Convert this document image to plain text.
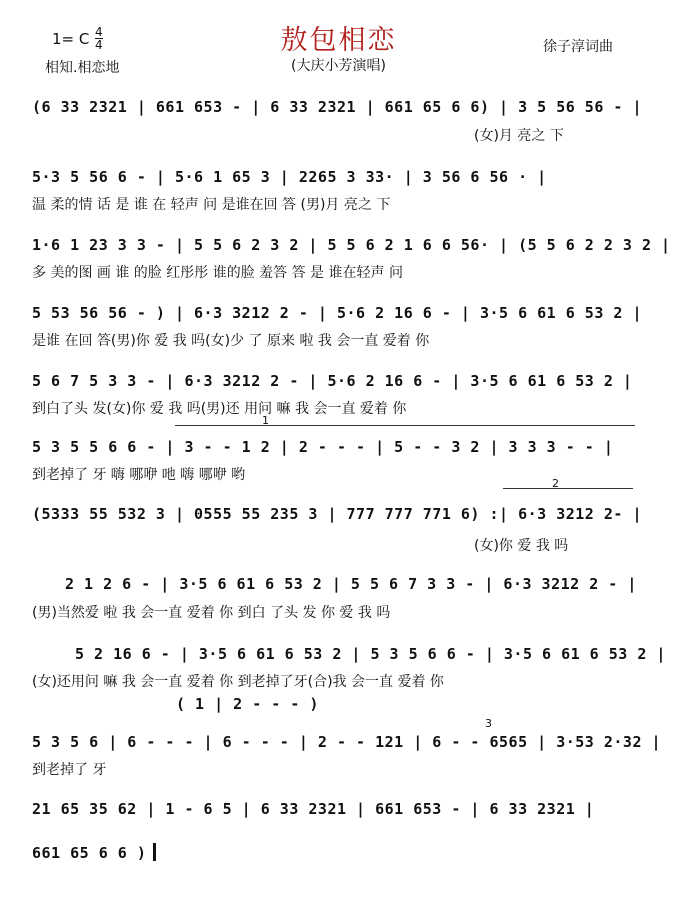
敖包相恋
(大庆小芳演唱)
1= C 4
4
相知.相恋地
徐子淳词曲
(6 33 2321 | 661 653 - | 6 33 2321 | 661 65 6 6) | 3 5 56 56 - |
(女)月 亮之 下
5·3 5 56 6 - | 5·6 1 65 3 | 2265 3 33· | 3 56 6 56 · |
温 柔的情 话 是 谁 在 轻声 问 是谁在回 答 (男)月 亮之 下
1·6 1 23 3 3 - | 5 5 6 2 3 2 | 5 5 6 2 1 6 6 56· | (5 5 6 2 2 3 2 |
多 美的图 画 谁 的脸 红彤彤 谁的脸 羞答 答 是 谁在轻声 问
5 53 56 56 - ) | 6·3 3212 2 - | 5·6 2 16 6 - | 3·5 6 61 6 53 2 |
是谁 在回 答(男)你 爱 我 吗(女)少 了 原来 啦 我 会一直 爱着 你
5 6 7 5 3 3 - | 6·3 3212 2 - | 5·6 2 16 6 - | 3·5 6 61 6 53 2 |
到白了头 发(女)你 爱 我 吗(男)还 用问 嘛 我 会一直 爱着 你
1
5 3 5 5 6 6 - | 3 - - 1 2 | 2 - - - | 5 - - 3 2 | 3 3 3 - - |
到老掉了 牙 嗨 哪咿 吔 嗨 哪咿 哟
2
(5333 55 532 3 | 0555 55 235 3 | 777 777 771 6) :| 6·3 3212 2- |
(女)你 爱 我 吗
2 1 2 6 - | 3·5 6 61 6 53 2 | 5 5 6 7 3 3 - | 6·3 3212 2 - |
(男)当然爱 啦 我 会一直 爱着 你 到白 了头 发 你 爱 我 吗
5 2 16 6 - | 3·5 6 61 6 53 2 | 5 3 5 6 6 - | 3·5 6 61 6 53 2 |
(女)还用问 嘛 我 会一直 爱着 你 到老掉了牙(合)我 会一直 爱着 你
( 1 | 2 - - - )
3
5 3 5 6 | 6 - - - | 6 - - - | 2 - - 121 | 6 - - 6565 | 3·53 2·32 |
到老掉了 牙
21 65 35 62 | 1 - 6 5 | 6 33 2321 | 661 653 - | 6 33 2321 |
661 65 6 6 )
